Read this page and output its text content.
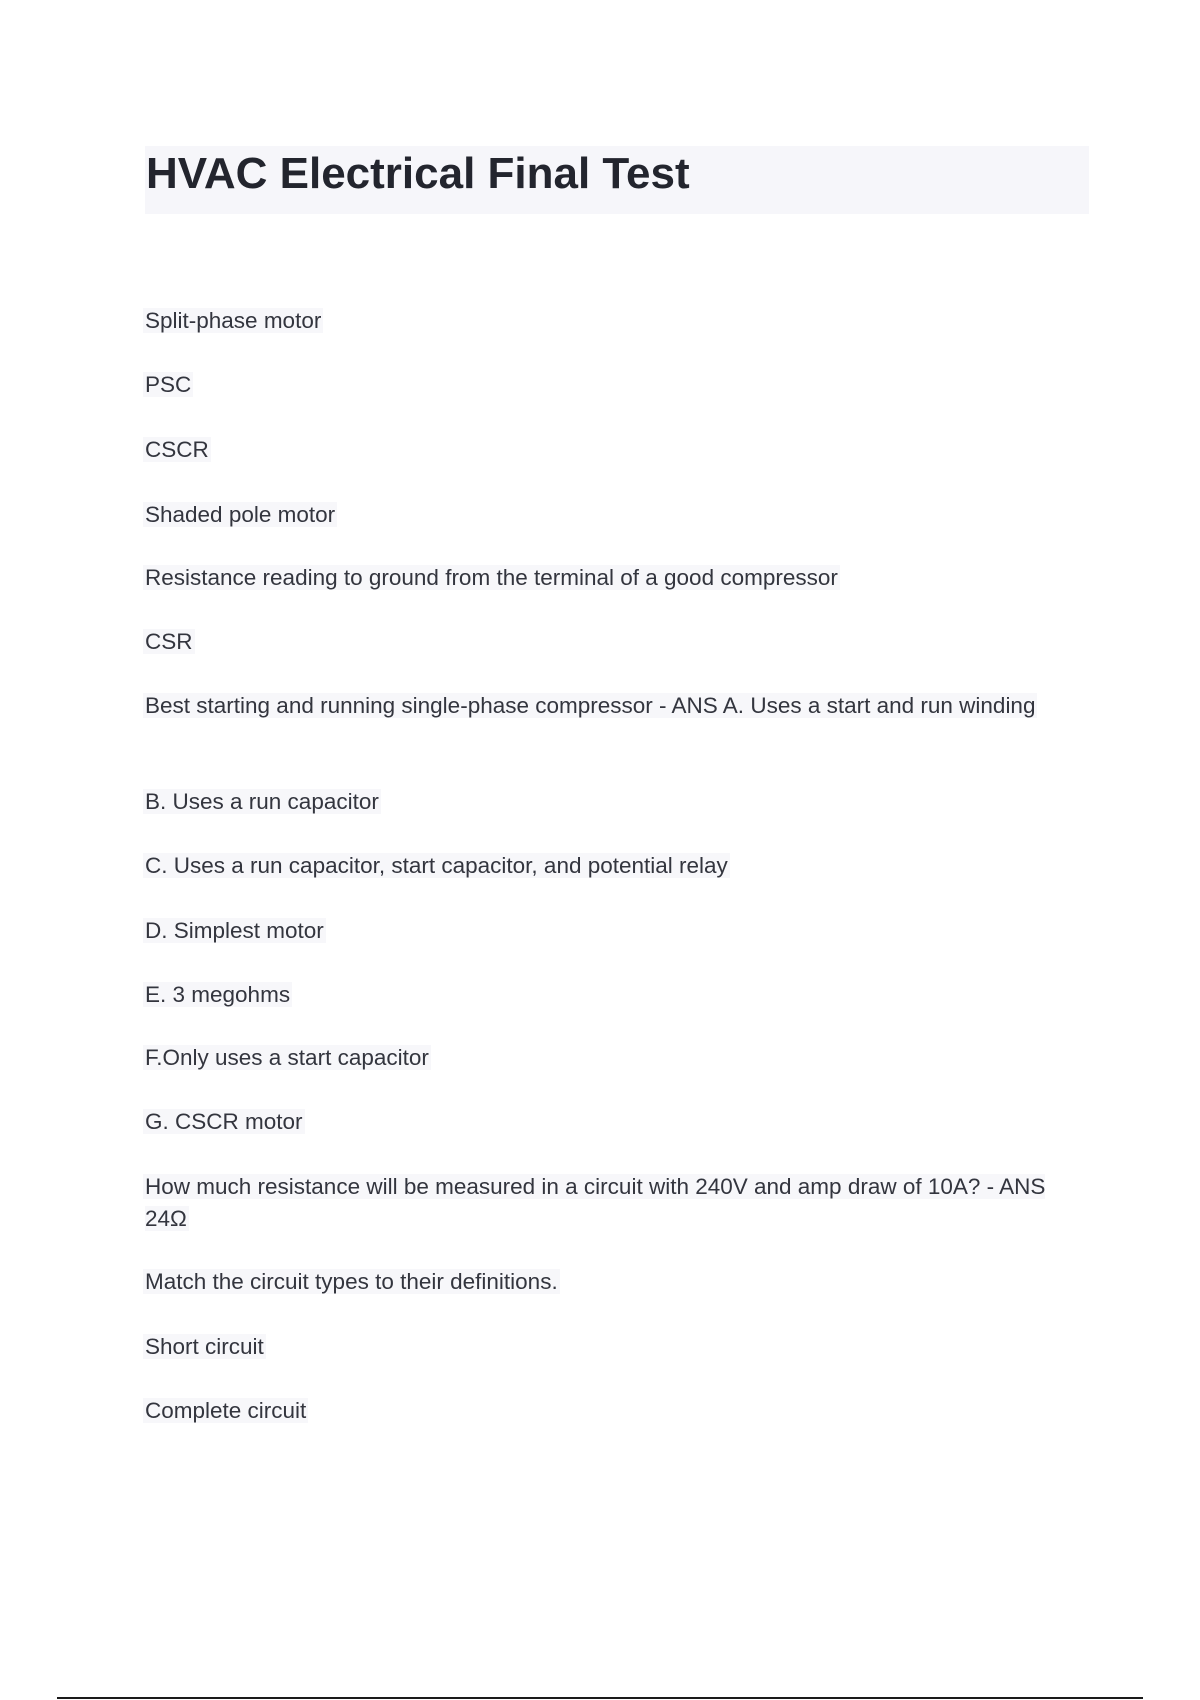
HVAC Electrical Final Test

Split-phase motor

PSC

CSCR

Shaded pole motor

Resistance reading to ground from the terminal of a good compressor

CSR

Best starting and running single-phase compressor - ANS A. Uses a start and run winding

B. Uses a run capacitor

C. Uses a run capacitor, start capacitor, and potential relay

D. Simplest motor

E. 3 megohms

F.Only uses a start capacitor

G. CSCR motor

How much resistance will be measured in a circuit with 240V and amp draw of 10A? - ANS 24Ω

Match the circuit types to their definitions.

Short circuit

Complete circuit
